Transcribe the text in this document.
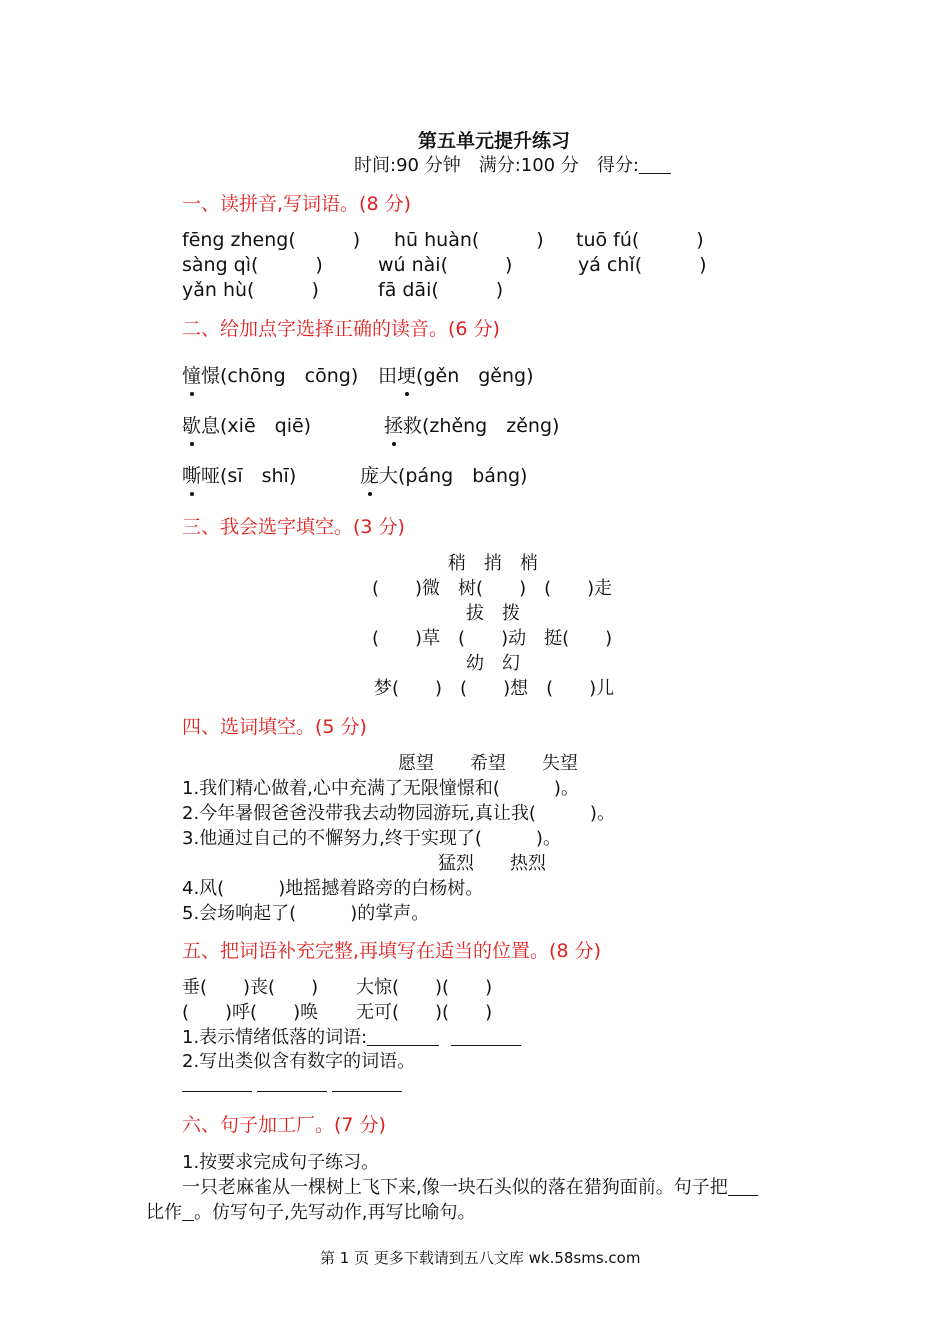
第五单元提升练习
时间:90 分钟　满分:100 分　得分:
一、读拼音,写词语。(8 分)
fēng zheng(　　　) hū huàn(　　　) tuō fú(　　　)
sàng qì(　　　)	wú nài(　　　)	yá chǐ(　　　)
yǎn hù(　　　)	fā dāi(　　　)
二、给加点字选择正确的读音。(6 分)
憧憬(chōng　cōng) 田埂(gěn　gěng)
歇息(xiē　qiē)	拯救(zhěng　zěng)
嘶哑(sī　shī)	庞大(páng　báng)
三、我会选字填空。(3 分)
稍　捎　梢
(　　)微　树(　　)　(　　)走
拔　拨
(　　)草　(　　)动　挺(　　)
幼　幻
梦(　　)　(　　)想　(　　)儿
四、选词填空。(5 分)
愿望　　希望　　失望
1.我们精心做着,心中充满了无限憧憬和(　　　)。
2.今年暑假爸爸没带我去动物园游玩,真让我(　　　)。
3.他通过自己的不懈努力,终于实现了(　　　)。
猛烈　　热烈
4.风(　　　)地摇撼着路旁的白杨树。
5.会场响起了(　　　)的掌声。
五、把词语补充完整,再填写在适当的位置。(8 分)
垂(　　)丧(　　) 大惊(　　)(　　)
(　　)呼(　　)唤 无可(　　)(　　)
1.表示情绪低落的词语:
2.写出类似含有数字的词语。

六、句子加工厂。(7 分)
1.按要求完成句子练习。
一只老麻雀从一棵树上飞下来,像一块石头似的落在猎狗面前。句子把
比作 。仿写句子,先写动作,再写比喻句。
第 1 页 更多下载请到五八文库 wk.58sms.com
